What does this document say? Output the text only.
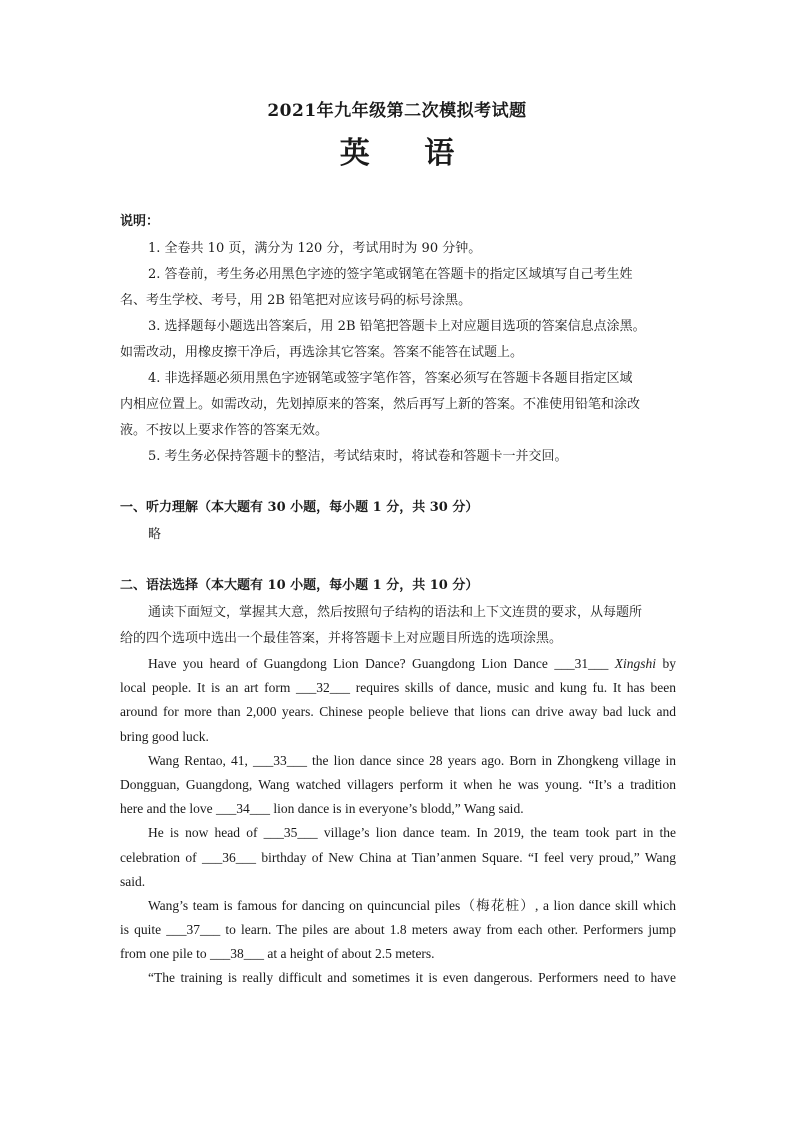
2021年九年级第二次模拟考试题
英 语
说明：
1. 全卷共 10 页，满分为 120 分，考试用时为 90 分钟。
2. 答卷前，考生务必用黑色字迹的签字笔或钢笔在答题卡的指定区域填写自己考生姓
名、考生学校、考号，用 2B 铅笔把对应该号码的标号涂黑。
3. 选择题每小题选出答案后，用 2B 铅笔把答题卡上对应题目选项的答案信息点涂黑。
如需改动，用橡皮擦干净后，再选涂其它答案。答案不能答在试题上。
4. 非选择题必须用黑色字迹钢笔或签字笔作答，答案必须写在答题卡各题目指定区域
内相应位置上。如需改动，先划掉原来的答案，然后再写上新的答案。不准使用铅笔和涂改
液。不按以上要求作答的答案无效。
5. 考生务必保持答题卡的整洁，考试结束时，将试卷和答题卡一并交回。
一、听力理解（本大题有 30 小题，每小题 1 分，共 30 分）
略
二、语法选择（本大题有 10 小题，每小题 1 分，共 10 分）
通读下面短文，掌握其大意，然后按照句子结构的语法和上下文连贯的要求，从每题所
给的四个选项中选出一个最佳答案，并将答题卡上对应题目所选的选项涂黑。
Have you heard of Guangdong Lion Dance? Guangdong Lion Dance ___31___ Xingshi by
local people. It is an art form ___32___ requires skills of dance, music and kung fu. It has been
around for more than 2,000 years. Chinese people believe that lions can drive away bad luck and
bring good luck.
Wang Rentao, 41, ___33___ the lion dance since 28 years ago. Born in Zhongkeng village in
Dongguan, Guangdong, Wang watched villagers perform it when he was young. “It’s a tradition
here and the love ___34___ lion dance is in everyone’s blodd,” Wang said.
He is now head of ___35___ village’s lion dance team. In 2019, the team took part in the
celebration of ___36___ birthday of New China at Tian’anmen Square. “I feel very proud,” Wang
said.
Wang’s team is famous for dancing on quincuncial piles（梅花桩）, a lion dance skill which
is quite ___37___ to learn. The piles are about 1.8 meters away from each other. Performers jump
from one pile to ___38___ at a height of about 2.5 meters.
“The training is really difficult and sometimes it is even dangerous. Performers need to have
